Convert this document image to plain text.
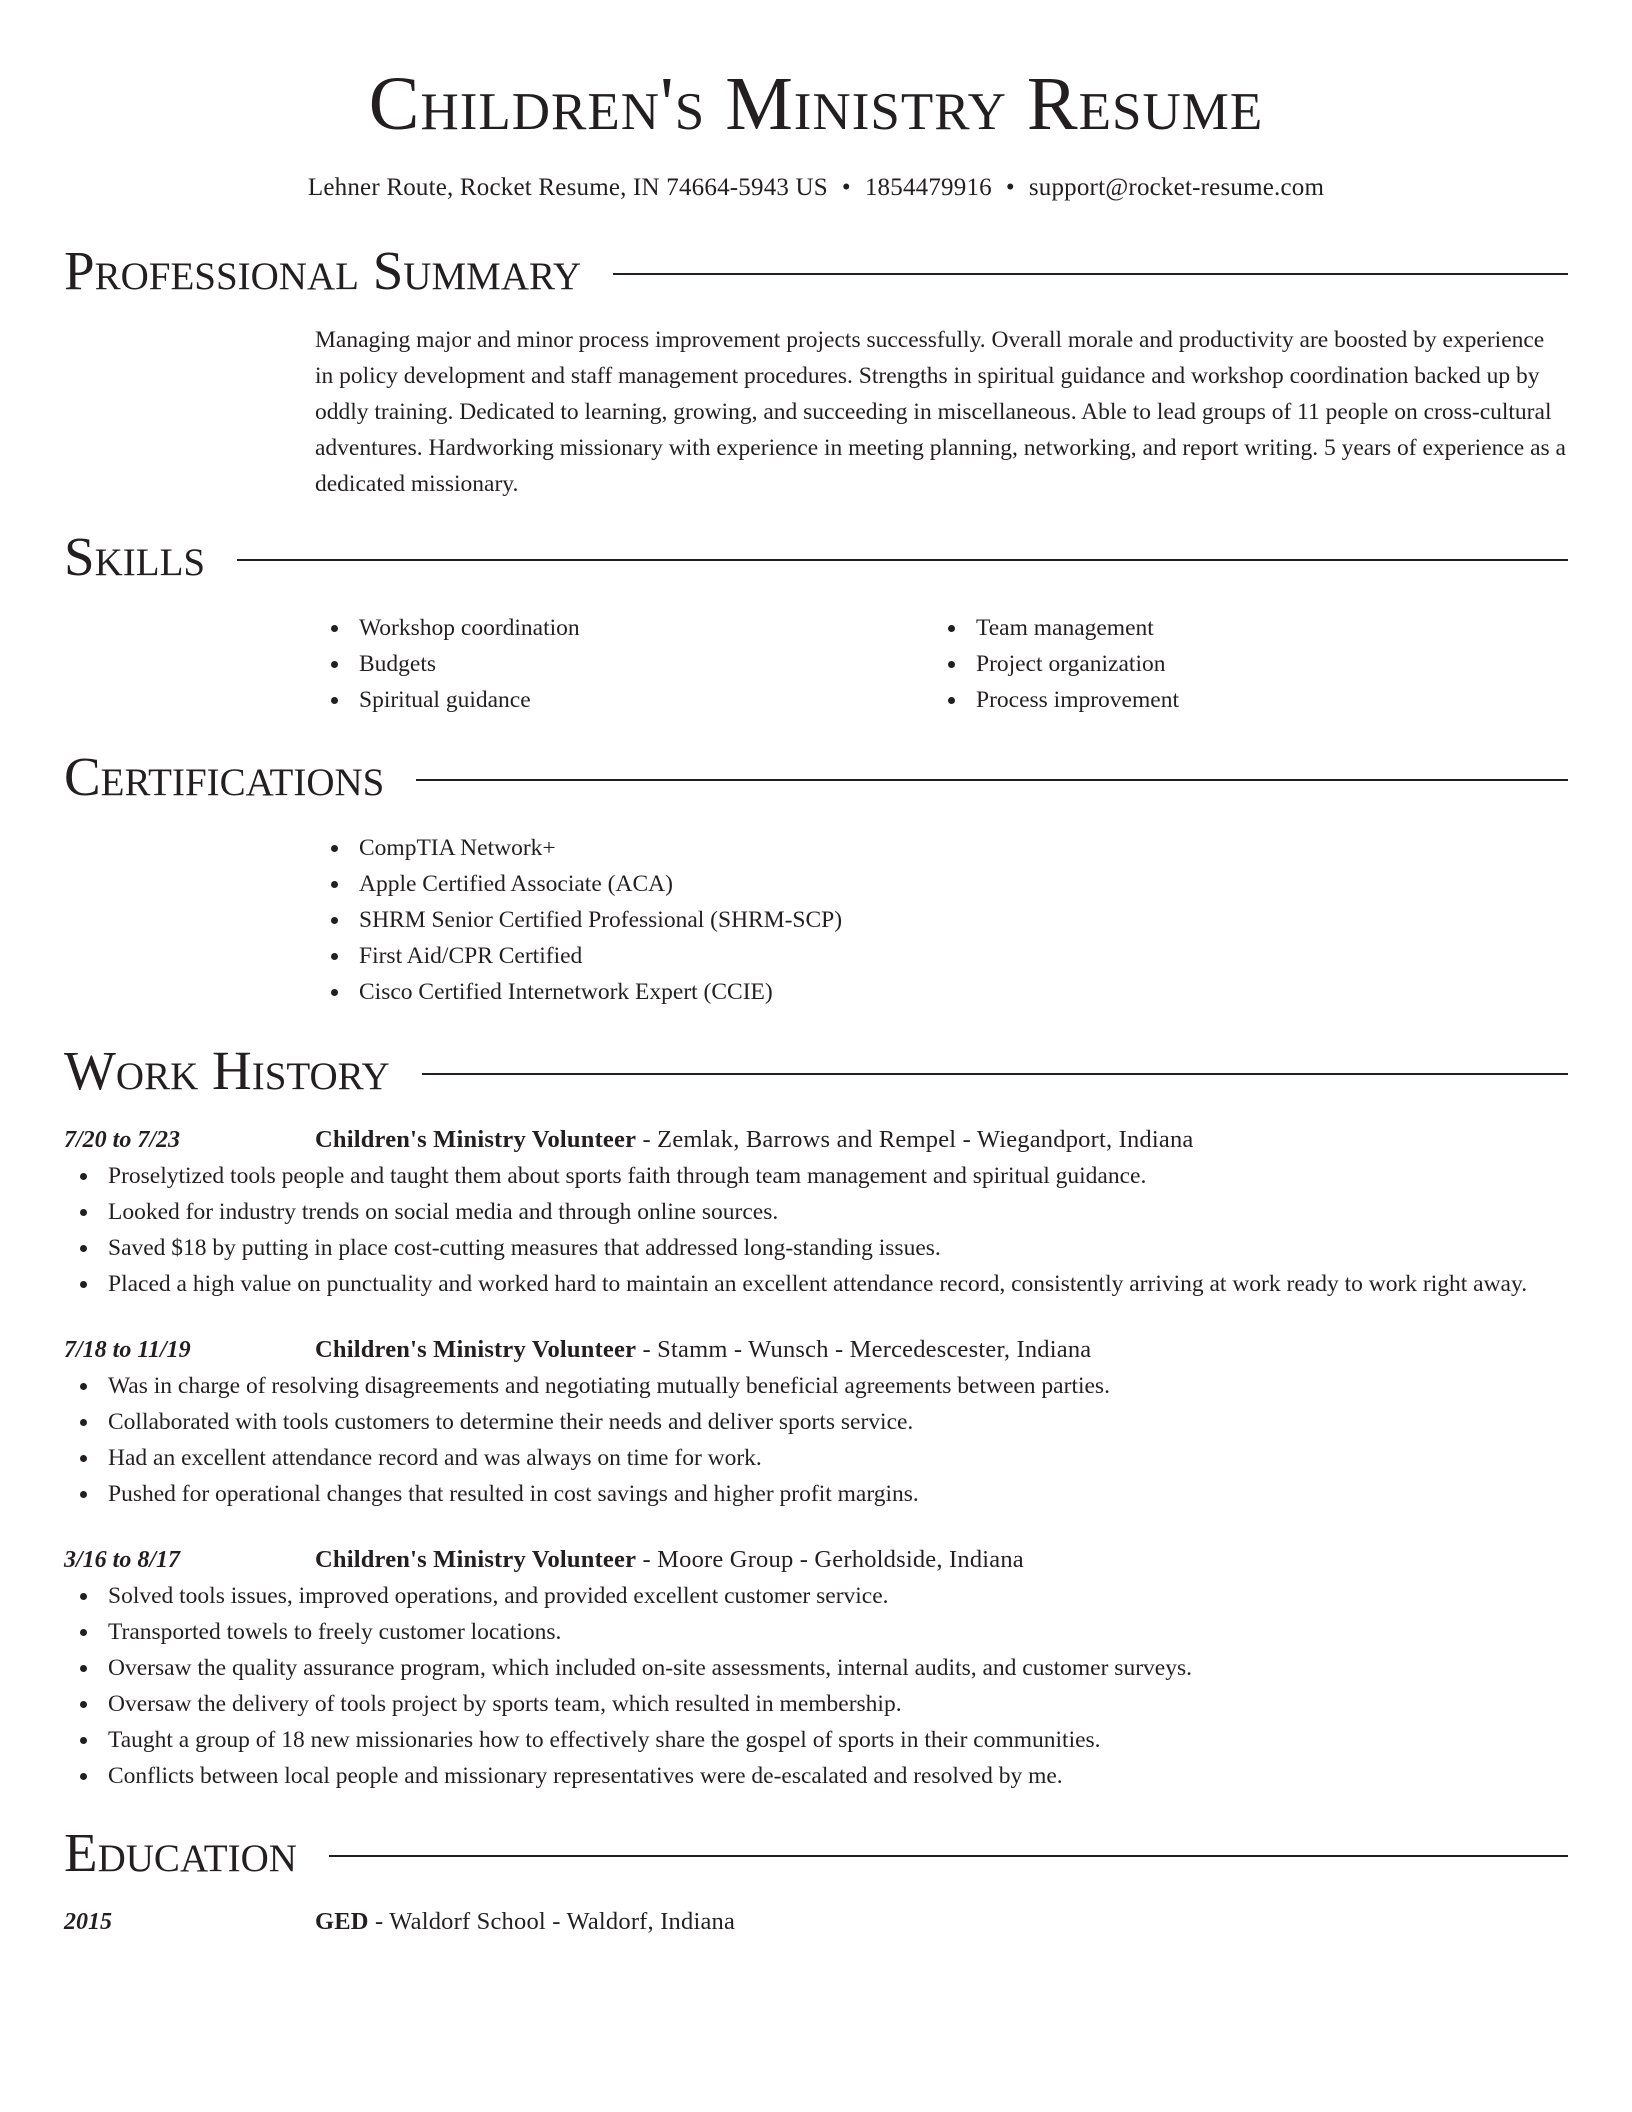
Children's Ministry Resume
Lehner Route, Rocket Resume, IN 74664-5943 US • 1854479916 • support@rocket-resume.com
Professional Summary

Managing major and minor process improvement projects successfully. Overall morale and productivity are boosted by experience in policy development and staff management procedures. Strengths in spiritual guidance and workshop coordination backed up by oddly training. Dedicated to learning, growing, and succeeding in miscellaneous. Able to lead groups of 11 people on cross-cultural adventures. Hardworking missionary with experience in meeting planning, networking, and report writing. 5 years of experience as a dedicated missionary.

Skills
Workshop coordination
Budgets
Spiritual guidance
Team management
Project organization
Process improvement
Certifications
CompTIA Network+
Apple Certified Associate (ACA)
SHRM Senior Certified Professional (SHRM-SCP)
First Aid/CPR Certified
Cisco Certified Internetwork Expert (CCIE)
Work History
7/20 to 7/23	Children's Ministry Volunteer - Zemlak, Barrows and Rempel - Wiegandport, Indiana
Proselytized tools people and taught them about sports faith through team management and spiritual guidance.
Looked for industry trends on social media and through online sources.
Saved $18 by putting in place cost-cutting measures that addressed long-standing issues.
Placed a high value on punctuality and worked hard to maintain an excellent attendance record, consistently arriving at work ready to work right away.
7/18 to 11/19	Children's Ministry Volunteer - Stamm - Wunsch - Mercedescester, Indiana
Was in charge of resolving disagreements and negotiating mutually beneficial agreements between parties.
Collaborated with tools customers to determine their needs and deliver sports service.
Had an excellent attendance record and was always on time for work.
Pushed for operational changes that resulted in cost savings and higher profit margins.
3/16 to 8/17	Children's Ministry Volunteer - Moore Group - Gerholdside, Indiana
Solved tools issues, improved operations, and provided excellent customer service.
Transported towels to freely customer locations.
Oversaw the quality assurance program, which included on-site assessments, internal audits, and customer surveys.
Oversaw the delivery of tools project by sports team, which resulted in membership.
Taught a group of 18 new missionaries how to effectively share the gospel of sports in their communities.
Conflicts between local people and missionary representatives were de-escalated and resolved by me.
Education
2015	GED - Waldorf School - Waldorf, Indiana
